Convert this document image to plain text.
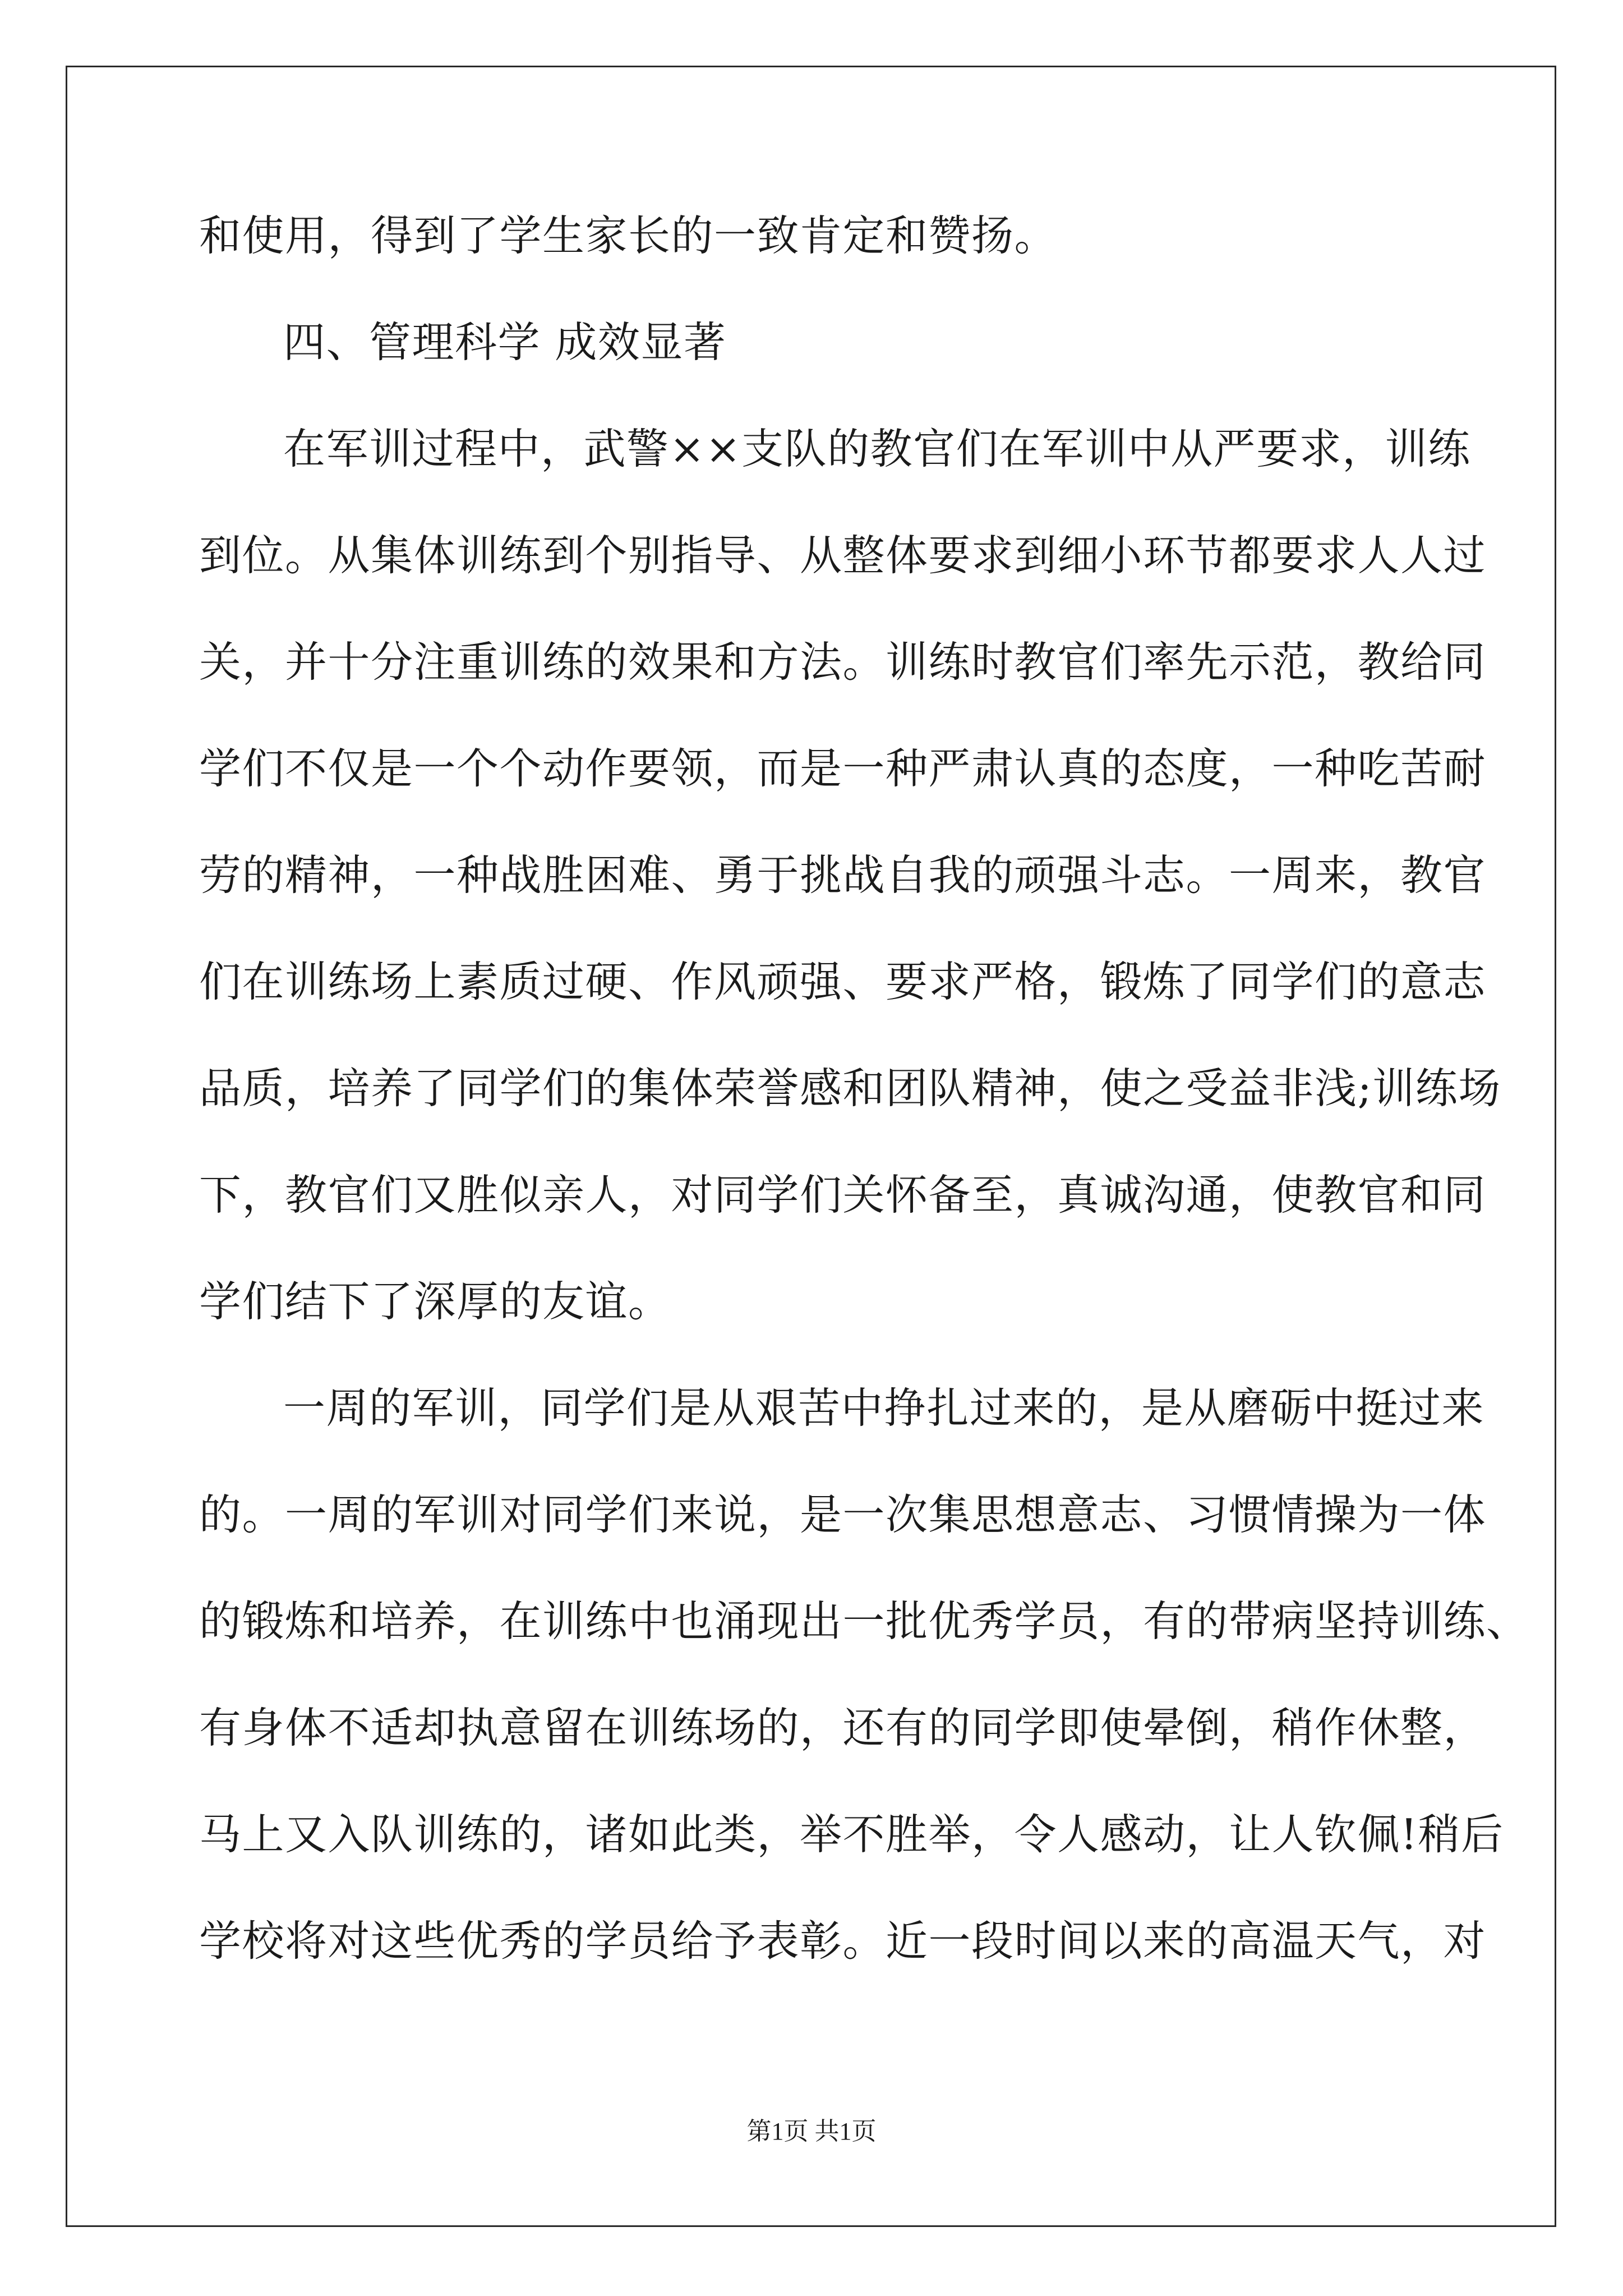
和使用，得到了学生家长的一致肯定和赞扬。
四、管理科学 成效显著
在军训过程中，武警××支队的教官们在军训中从严要求，训练
到位。从集体训练到个别指导、从整体要求到细小环节都要求人人过
关，并十分注重训练的效果和方法。训练时教官们率先示范，教给同
学们不仅是一个个动作要领，而是一种严肃认真的态度，一种吃苦耐
劳的精神，一种战胜困难、勇于挑战自我的顽强斗志。一周来，教官
们在训练场上素质过硬、作风顽强、要求严格，锻炼了同学们的意志
品质，培养了同学们的集体荣誉感和团队精神，使之受益非浅;训练场
下，教官们又胜似亲人，对同学们关怀备至，真诚沟通，使教官和同
学们结下了深厚的友谊。
一周的军训，同学们是从艰苦中挣扎过来的，是从磨砺中挺过来
的。一周的军训对同学们来说，是一次集思想意志、习惯情操为一体
的锻炼和培养，在训练中也涌现出一批优秀学员，有的带病坚持训练、
有身体不适却执意留在训练场的，还有的同学即使晕倒，稍作休整，
马上又入队训练的，诸如此类，举不胜举，令人感动，让人钦佩!稍后
学校将对这些优秀的学员给予表彰。近一段时间以来的高温天气，对
第1页 共1页
